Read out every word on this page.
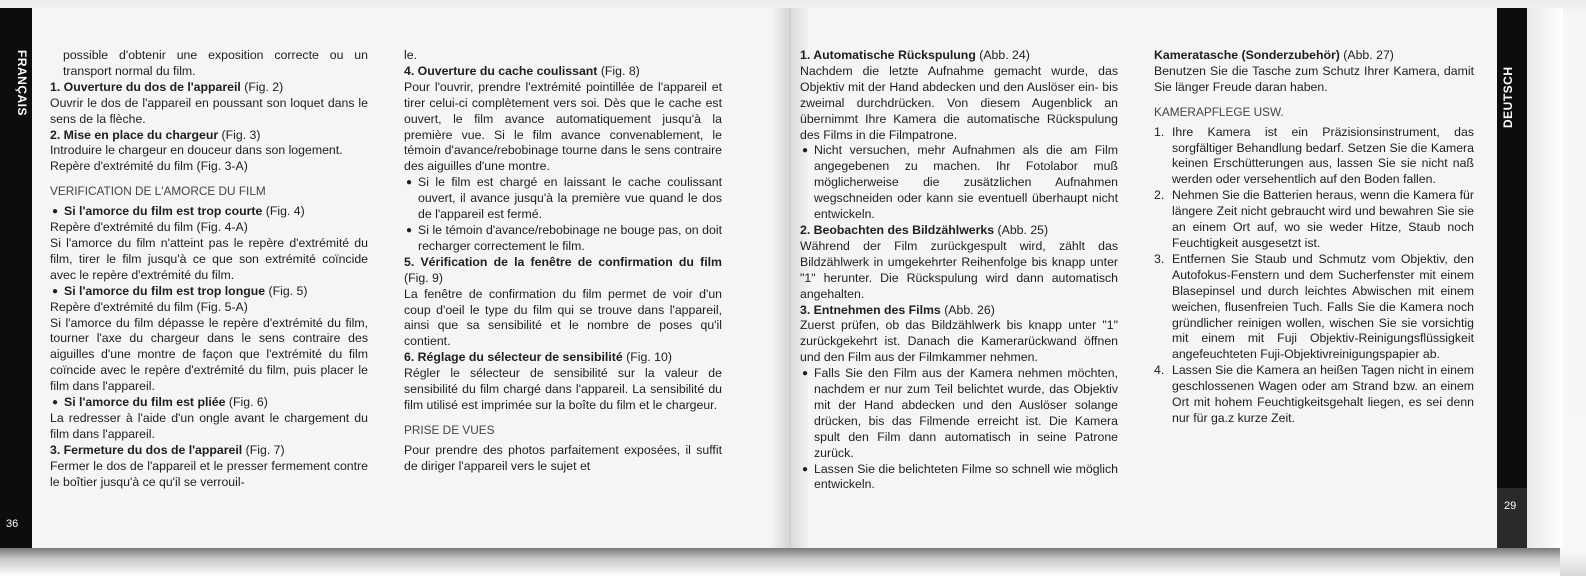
FRANÇAIS	DEUTSCH
36
29

possible d'obtenir une exposition correcte ou un transport normal du film.

1. Ouverture du dos de l'appareil (Fig. 2)

Ouvrir le dos de l'appareil en poussant son loquet dans le sens de la flèche.

2. Mise en place du chargeur (Fig. 3)

Introduire le chargeur en douceur dans son logement.

Repère d'extrémité du film (Fig. 3-A)

VERIFICATION DE L'AMORCE DU FILM

● Si l'amorce du film est trop courte (Fig. 4)

Repère d'extrémité du film (Fig. 4-A)

Si l'amorce du film n'atteint pas le repère d'extrémité du film, tirer le film jusqu'à ce que son extrémité coïncide avec le repère d'extrémité du film.

● Si l'amorce du film est trop longue (Fig. 5)

Repère d'extrémité du film (Fig. 5-A)

Si l'amorce du film dépasse le repère d'extrémité du film, tourner l'axe du chargeur dans le sens contraire des aiguilles d'une montre de façon que l'extrémité du film coïncide avec le repère d'extrémité du film, puis placer le film dans l'appareil.

● Si l'amorce du film est pliée (Fig. 6)

La redresser à l'aide d'un ongle avant le chargement du film dans l'appareil.

3. Fermeture du dos de l'appareil (Fig. 7)

Fermer le dos de l'appareil et le presser fermement contre le boîtier jusqu'à ce qu'il se verrouil-

le.

4. Ouverture du cache coulissant (Fig. 8)

Pour l'ouvrir, prendre l'extrémité pointillée de l'appareil et tirer celui-ci complètement vers soi. Dès que le cache est ouvert, le film avance automatiquement jusqu'à la première vue. Si le film avance convenablement, le témoin d'avance/rebobinage tourne dans le sens contraire des aiguilles d'une montre.

● Si le film est chargé en laissant le cache coulissant ouvert, il avance jusqu'à la première vue quand le dos de l'appareil est fermé.

● Si le témoin d'avance/rebobinage ne bouge pas, on doit recharger correctement le film.

5. Vérification de la fenêtre de confirmation du film (Fig. 9)

La fenêtre de confirmation du film permet de voir d'un coup d'oeil le type du film qui se trouve dans l'appareil, ainsi que sa sensibilité et le nombre de poses qu'il contient.

6. Réglage du sélecteur de sensibilité (Fig. 10)

Régler le sélecteur de sensibilité sur la valeur de sensibilité du film chargé dans l'appareil. La sensibilité du film utilisé est imprimée sur la boîte du film et le chargeur.

PRISE DE VUES

Pour prendre des photos parfaitement exposées, il suffit de diriger l'appareil vers le sujet et

1. Automatische Rückspulung (Abb. 24)

Nachdem die letzte Aufnahme gemacht wurde, das Objektiv mit der Hand abdecken und den Auslöser ein- bis zweimal durchdrücken. Von diesem Augenblick an übernimmt Ihre Kamera die automatische Rückspulung des Films in die Filmpatrone.

● Nicht versuchen, mehr Aufnahmen als die am Film angegebenen zu machen. Ihr Fotolabor muß möglicherweise die zusätzlichen Aufnahmen wegschneiden oder kann sie eventuell überhaupt nicht entwickeln.

2. Beobachten des Bildzählwerks (Abb. 25)

Während der Film zurückgespult wird, zählt das Bildzählwerk in umgekehrter Reihenfolge bis knapp unter "1" herunter. Die Rückspulung wird dann automatisch angehalten.

3. Entnehmen des Films (Abb. 26)

Zuerst prüfen, ob das Bildzählwerk bis knapp unter "1" zurückgekehrt ist. Danach die Kamerarückwand öffnen und den Film aus der Filmkammer nehmen.

● Falls Sie den Film aus der Kamera nehmen möchten, nachdem er nur zum Teil belichtet wurde, das Objektiv mit der Hand abdecken und den Auslöser solange drücken, bis das Filmende erreicht ist. Die Kamera spult den Film dann automatisch in seine Patrone zurück.

● Lassen Sie die belichteten Filme so schnell wie möglich entwickeln.

Kameratasche (Sonderzubehör) (Abb. 27)

Benutzen Sie die Tasche zum Schutz Ihrer Kamera, damit Sie länger Freude daran haben.

KAMERAPFLEGE USW.

1. Ihre Kamera ist ein Präzisionsinstrument, das sorgfältiger Behandlung bedarf. Setzen Sie die Kamera keinen Erschütterungen aus, lassen Sie sie nicht naß werden oder versehentlich auf den Boden fallen.

2. Nehmen Sie die Batterien heraus, wenn die Kamera für längere Zeit nicht gebraucht wird und bewahren Sie sie an einem Ort auf, wo sie weder Hitze, Staub noch Feuchtigkeit ausgesetzt ist.

3. Entfernen Sie Staub und Schmutz vom Objektiv, den Autofokus-Fenstern und dem Sucherfenster mit einem Blasepinsel und durch leichtes Abwischen mit einem weichen, flusenfreien Tuch. Falls Sie die Kamera noch gründlicher reinigen wollen, wischen Sie sie vorsichtig mit einem mit Fuji Objektiv-Reinigungsflüssigkeit angefeuchteten Fuji-Objektivreinigungspapier ab.

4. Lassen Sie die Kamera an heißen Tagen nicht in einem geschlossenen Wagen oder am Strand bzw. an einem Ort mit hohem Feuchtigkeitsgehalt liegen, es sei denn nur für ga.z kurze Zeit.
